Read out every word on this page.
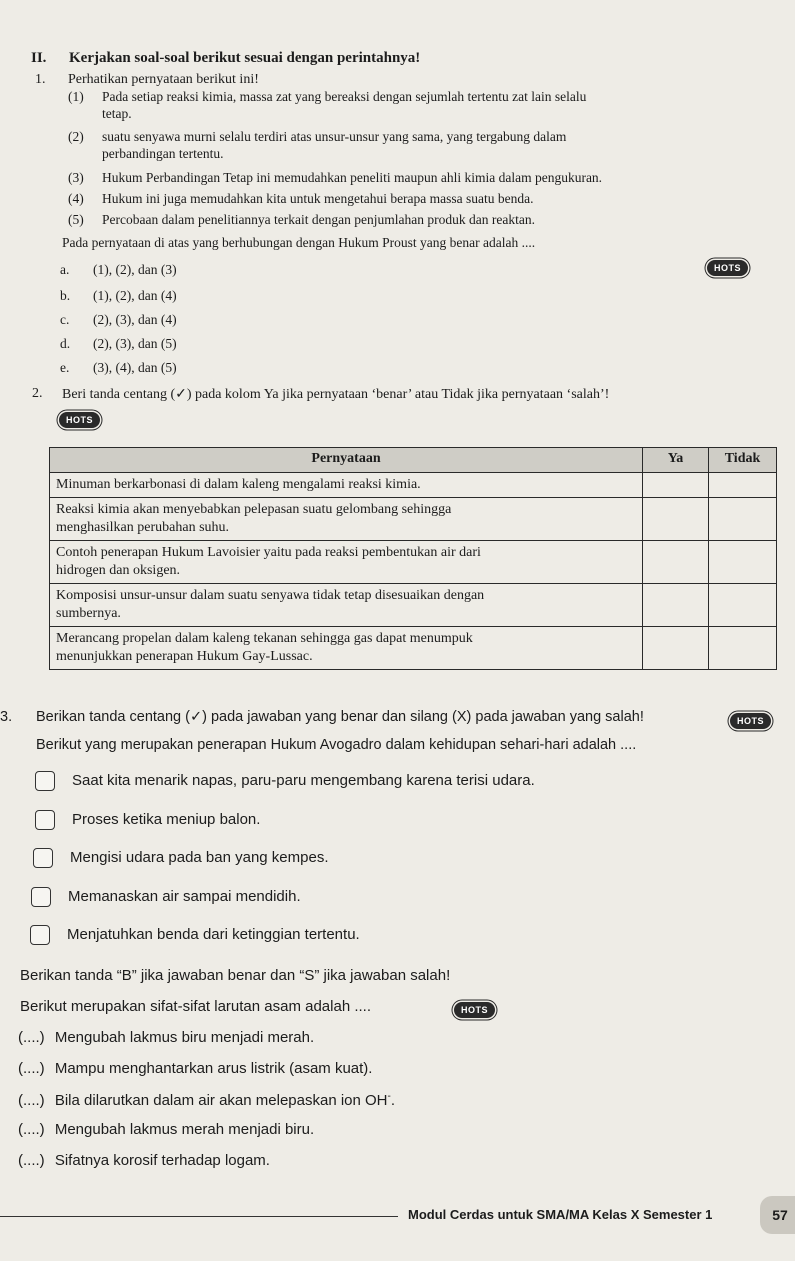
II. Kerjakan soal-soal berikut sesuai dengan perintahnya!
1. Perhatikan pernyataan berikut ini!
(1) Pada setiap reaksi kimia, massa zat yang bereaksi dengan sejumlah tertentu zat lain selalu
tetap.
(2) suatu senyawa murni selalu terdiri atas unsur-unsur yang sama, yang tergabung dalam
perbandingan tertentu.
(3) Hukum Perbandingan Tetap ini memudahkan peneliti maupun ahli kimia dalam pengukuran.
(4) Hukum ini juga memudahkan kita untuk mengetahui berapa massa suatu benda.
(5) Percobaan dalam penelitiannya terkait dengan penjumlahan produk dan reaktan.
Pada pernyataan di atas yang berhubungan dengan Hukum Proust yang benar adalah ....
HOTS
a.	(1), (2), dan (3)
b.	(1), (2), dan (4)
c.	(2), (3), dan (4)
d.	(2), (3), dan (5)
e.	(3), (4), dan (5)
2. Beri tanda centang (✓) pada kolom Ya jika pernyataan ‘benar’ atau Tidak jika pernyataan ‘salah’!
HOTS
Pernyataan	Ya	Tidak
Minuman berkarbonasi di dalam kaleng mengalami reaksi kimia.		
Reaksi kimia akan menyebabkan pelepasan suatu gelombang sehingga
menghasilkan perubahan suhu.		
Contoh penerapan Hukum Lavoisier yaitu pada reaksi pembentukan air dari
hidrogen dan oksigen.		
Komposisi unsur-unsur dalam suatu senyawa tidak tetap disesuaikan dengan
sumbernya.		
Merancang propelan dalam kaleng tekanan sehingga gas dapat menumpuk
menunjukkan penerapan Hukum Gay-Lussac.		
3. Berikan tanda centang (✓) pada jawaban yang benar dan silang (X) pada jawaban yang salah!	HOTS
Berikut yang merupakan penerapan Hukum Avogadro dalam kehidupan sehari-hari adalah ....
Saat kita menarik napas, paru-paru mengembang karena terisi udara.
Proses ketika meniup balon.
Mengisi udara pada ban yang kempes.
Memanaskan air sampai mendidih.
Menjatuhkan benda dari ketinggian tertentu.
Berikan tanda “B” jika jawaban benar dan “S” jika jawaban salah!
Berikut merupakan sifat-sifat larutan asam adalah ....	HOTS
(....) Mengubah lakmus biru menjadi merah.
(....) Mampu menghantarkan arus listrik (asam kuat).
(....) Bila dilarutkan dalam air akan melepaskan ion OH-.
(....) Mengubah lakmus merah menjadi biru.
(....) Sifatnya korosif terhadap logam.
Modul Cerdas untuk SMA/MA Kelas X Semester 1	57
